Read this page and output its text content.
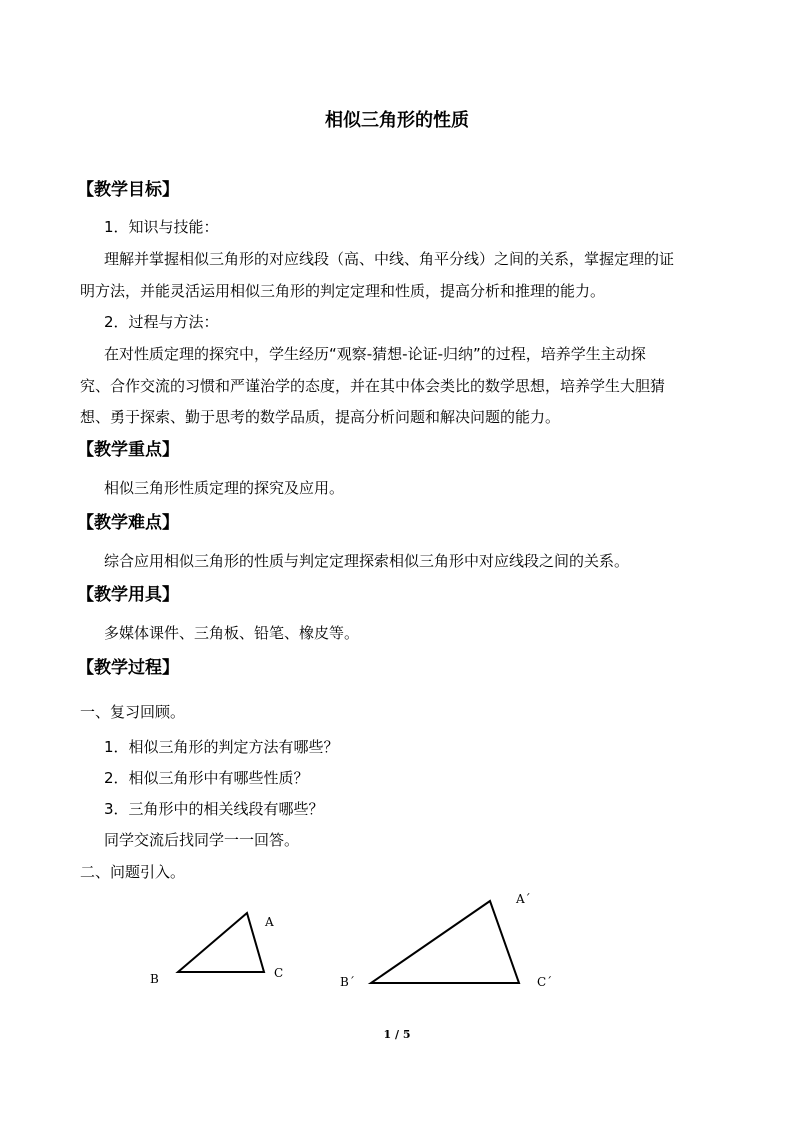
相似三角形的性质
【教学目标】
1．知识与技能：
理解并掌握相似三角形的对应线段（高、中线、角平分线）之间的关系，掌握定理的证
明方法，并能灵活运用相似三角形的判定定理和性质，提高分析和推理的能力。
2．过程与方法：
在对性质定理的探究中，学生经历“观察-猜想-论证-归纳”的过程，培养学生主动探
究、合作交流的习惯和严谨治学的态度，并在其中体会类比的数学思想，培养学生大胆猜
想、勇于探索、勤于思考的数学品质，提高分析问题和解决问题的能力。
【教学重点】
相似三角形性质定理的探究及应用。
【教学难点】
综合应用相似三角形的性质与判定定理探索相似三角形中对应线段之间的关系。
【教学用具】
多媒体课件、三角板、铅笔、橡皮等。
【教学过程】
一、复习回顾。
1．相似三角形的判定方法有哪些？
2．相似三角形中有哪些性质？
3．三角形中的相关线段有哪些？
同学交流后找同学一一回答。
二、问题引入。
A
B	C
A´
B´	C´
1 / 5
